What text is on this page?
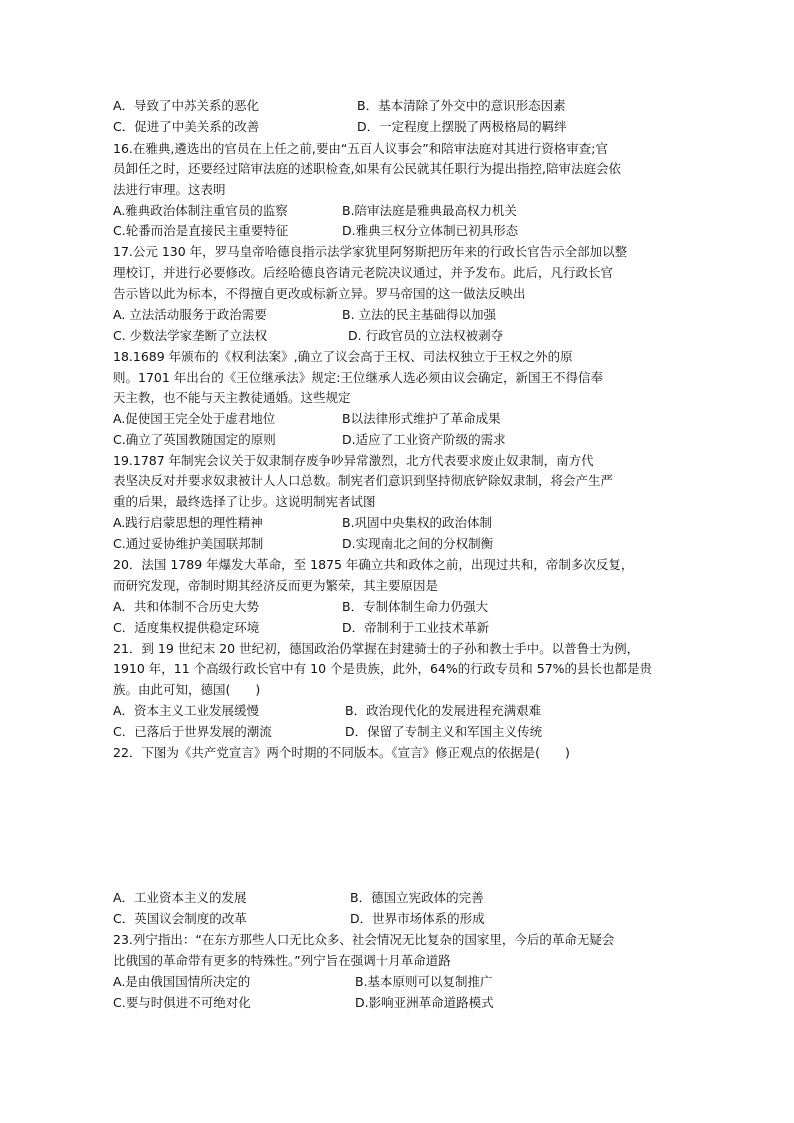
A．导致了中苏关系的恶化	B．基本清除了外交中的意识形态因素
C．促进了中美关系的改善	D．一定程度上摆脱了两极格局的羁绊
16.在雅典,遴选出的官员在上任之前,要由“五百人议事会”和陪审法庭对其进行资格审查;官
员卸任之时，还要经过陪审法庭的述职检查,如果有公民就其任职行为提出指控,陪审法庭会依
法进行审理。这表明
A.雅典政治体制注重官员的监察	B.陪审法庭是雅典最高权力机关
C.轮番而治是直接民主重要特征	D.雅典三权分立体制已初具形态
17.公元 130 年，罗马皇帝哈德良指示法学家犹里阿努斯把历年来的行政长官告示全部加以整
理校订，并进行必要修改。后经哈德良咨请元老院决议通过，并予发布。此后，凡行政长官
告示皆以此为标本，不得擅自更改或标新立异。罗马帝国的这一做法反映出
A. 立法活动服务于政治需要	B. 立法的民主基础得以加强
C. 少数法学家垄断了立法权	D. 行政官员的立法权被剥夺
18.1689 年颁布的《权利法案》,确立了议会高于王权、司法权独立于王权之外的原
则。1701 年出台的《王位继承法》规定:王位继承人选必须由议会确定，新国王不得信奉
天主教，也不能与天主教徒通婚。这些规定
A.促使国王完全处于虚君地位	B以法律形式维护了革命成果
C.确立了英国教随国定的原则	D.适应了工业资产阶级的需求
19.1787 年制宪会议关于奴隶制存废争吵异常激烈，北方代表要求废止奴隶制，南方代
表坚决反对并要求奴隶被计人人口总数。制宪者们意识到坚持彻底铲除奴隶制，将会产生严
重的后果，最终选择了让步。这说明制宪者试图
A.践行启蒙思想的理性精神	B.巩固中央集权的政治体制
C.通过妥协维护美国联邦制	D.实现南北之间的分权制衡
20．法国 1789 年爆发大革命，至 1875 年确立共和政体之前，出现过共和，帝制多次反复，
而研究发现，帝制时期其经济反而更为繁荣，其主要原因是
A．共和体制不合历史大势	B．专制体制生命力仍强大
C．适度集权提供稳定环境	D．帝制利于工业技术革新
21．到 19 世纪末 20 世纪初，德国政治仍掌握在封建骑士的子孙和教士手中。以普鲁士为例，
1910 年，11 个高级行政长官中有 10 个是贵族，此外，64%的行政专员和 57%的县长也都是贵
族。由此可知，德国(　　)
A．资本主义工业发展缓慢	B．政治现代化的发展进程充满艰难
C．已落后于世界发展的潮流	D．保留了专制主义和军国主义传统
22．下图为《共产党宣言》两个时期的不同版本。《宣言》修正观点的依据是(　　)
A．工业资本主义的发展	B．德国立宪政体的完善
C．英国议会制度的改革	D．世界市场体系的形成
23.列宁指出：“在东方那些人口无比众多、社会情况无比复杂的国家里，今后的革命无疑会
比俄国的革命带有更多的特殊性。”列宁旨在强调十月革命道路
A.是由俄国国情所决定的	B.基本原则可以复制推广
C.要与时俱进不可绝对化	D.影响亚洲革命道路模式
